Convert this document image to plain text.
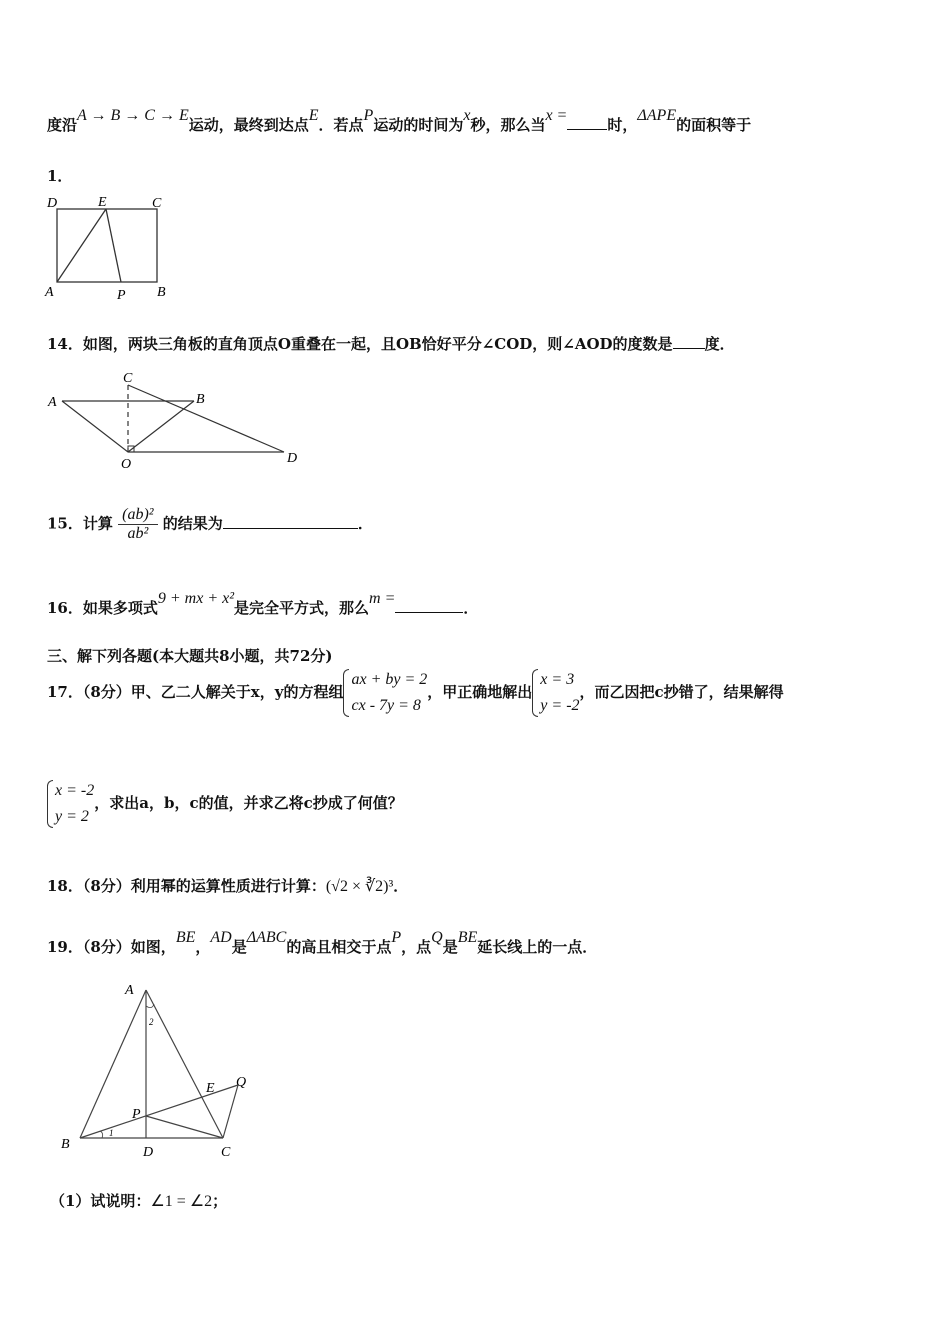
度沿A → B → C → E运动，最终到达点E．若点P运动的时间为x秒，那么当x =时，ΔAPE的面积等于
1．
D	E	C
A	P B
14．如图，两块三角板的直角顶点O重叠在一起，且OB恰好平分∠COD，则∠AOD的度数是 度．
A	B
C
O	D
15．计算 $\frac{\text{(ab)²}}{\text{ab²}}$ 的结果为	．
16．如果多项式9 + mx + x²是完全平方式，那么m =．
三、解下列各题(本大题共8小题，共72分)
17．（8分）甲、乙二人解关于x，y的方程组ax + by = 2
cx - 7y = 8，甲正确地解出x = 3
y = -2，而乙因把c抄错了，结果解得
x = -2
y = 2，求出a，b，c的值，并求乙将c抄成了何值？
18．（8分）利用幂的运算性质进行计算：(√2 × ∛2)³．
19．（8分）如图，BE，AD是ΔABC的高且相交于点P，点Q是BE延长线上的一点．
A
B
C
D
E
P
Q
1
2
（1）试说明：∠1 = ∠2；
